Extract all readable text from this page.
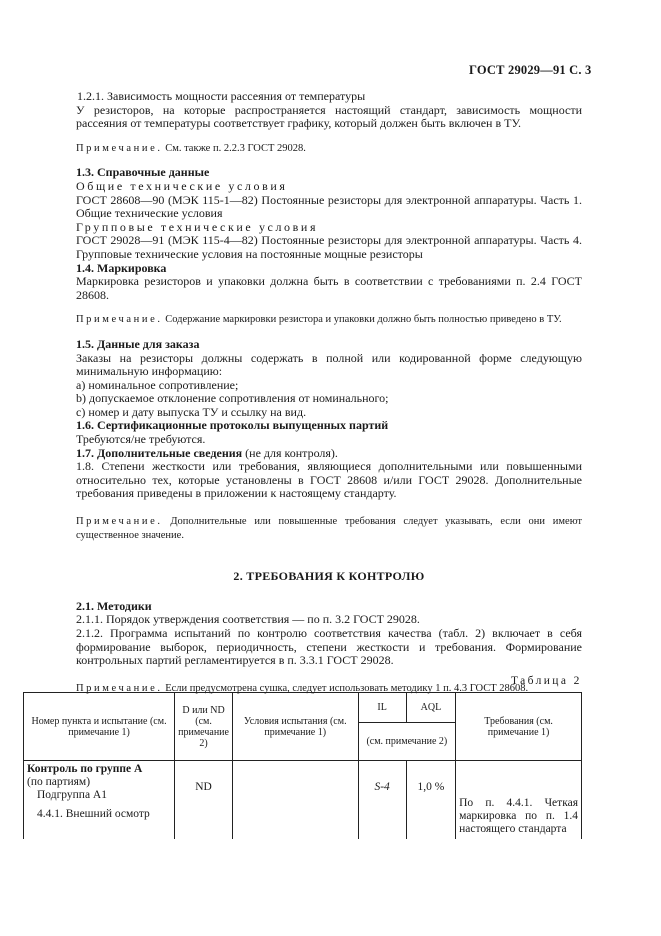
ГОСТ 29029—91 С. 3

1.2.1. Зависимость мощности рассеяния от температуры

У резисторов, на которые распространяется настоящий стандарт, зависимость мощности рассеяния от температуры соответствует графику, который должен быть включен в ТУ.

Примечание. См. также п. 2.2.3 ГОСТ 29028.

1.3. Справочные данные

Общие технические условия

ГОСТ 28608—90 (МЭК 115-1—82) Постоянные резисторы для электронной аппаратуры. Часть 1. Общие технические условия

Групповые технические условия

ГОСТ 29028—91 (МЭК 115-4—82) Постоянные резисторы для электронной аппаратуры. Часть 4. Групповые технические условия на постоянные мощные резисторы

1.4. Маркировка

Маркировка резисторов и упаковки должна быть в соответствии с требованиями п. 2.4 ГОСТ 28608.

Примечание. Содержание маркировки резистора и упаковки должно быть полностью приведено в ТУ.

1.5. Данные для заказа

Заказы на резисторы должны содержать в полной или кодированной форме следующую минимальную информацию:

a) номинальное сопротивление;

b) допускаемое отклонение сопротивления от номинального;

c) номер и дату выпуска ТУ и ссылку на вид.

1.6. Сертификационные протоколы выпущенных партий

Требуются/не требуются.

1.7. Дополнительные сведения (не для контроля).

1.8. Степени жесткости или требования, являющиеся дополнительными или повышенными относительно тех, которые установлены в ГОСТ 28608 и/или ГОСТ 29028. Дополнительные требования приведены в приложении к настоящему стандарту.

Примечание. Дополнительные или повышенные требования следует указывать, если они имеют существенное значение.

2. ТРЕБОВАНИЯ К КОНТРОЛЮ

2.1. Методики

2.1.1. Порядок утверждения соответствия — по п. 3.2 ГОСТ 29028.

2.1.2. Программа испытаний по контролю соответствия качества (табл. 2) включает в себя формирование выборок, периодичность, степени жесткости и требования. Формирование контрольных партий регламентируется в п. 3.3.1 ГОСТ 29028.

Примечание. Если предусмотрена сушка, следует использовать методику 1 п. 4.3 ГОСТ 28608.

Таблица 2
Номер пункта и испытание (см. примечание 1)	D или ND (см. примечание 2)	Условия испытания (см. примечание 1)	IL	AQL	Требования (см. примечание 1)
			(см. примечание 2)		

Контроль по группе А
(по партиям)
Подгруппа А1
4.4.1. Внешний осмотр	ND		S-4	1,0 %	По п. 4.4.1. Четкая маркировка по п. 1.4 настоящего стандарта
